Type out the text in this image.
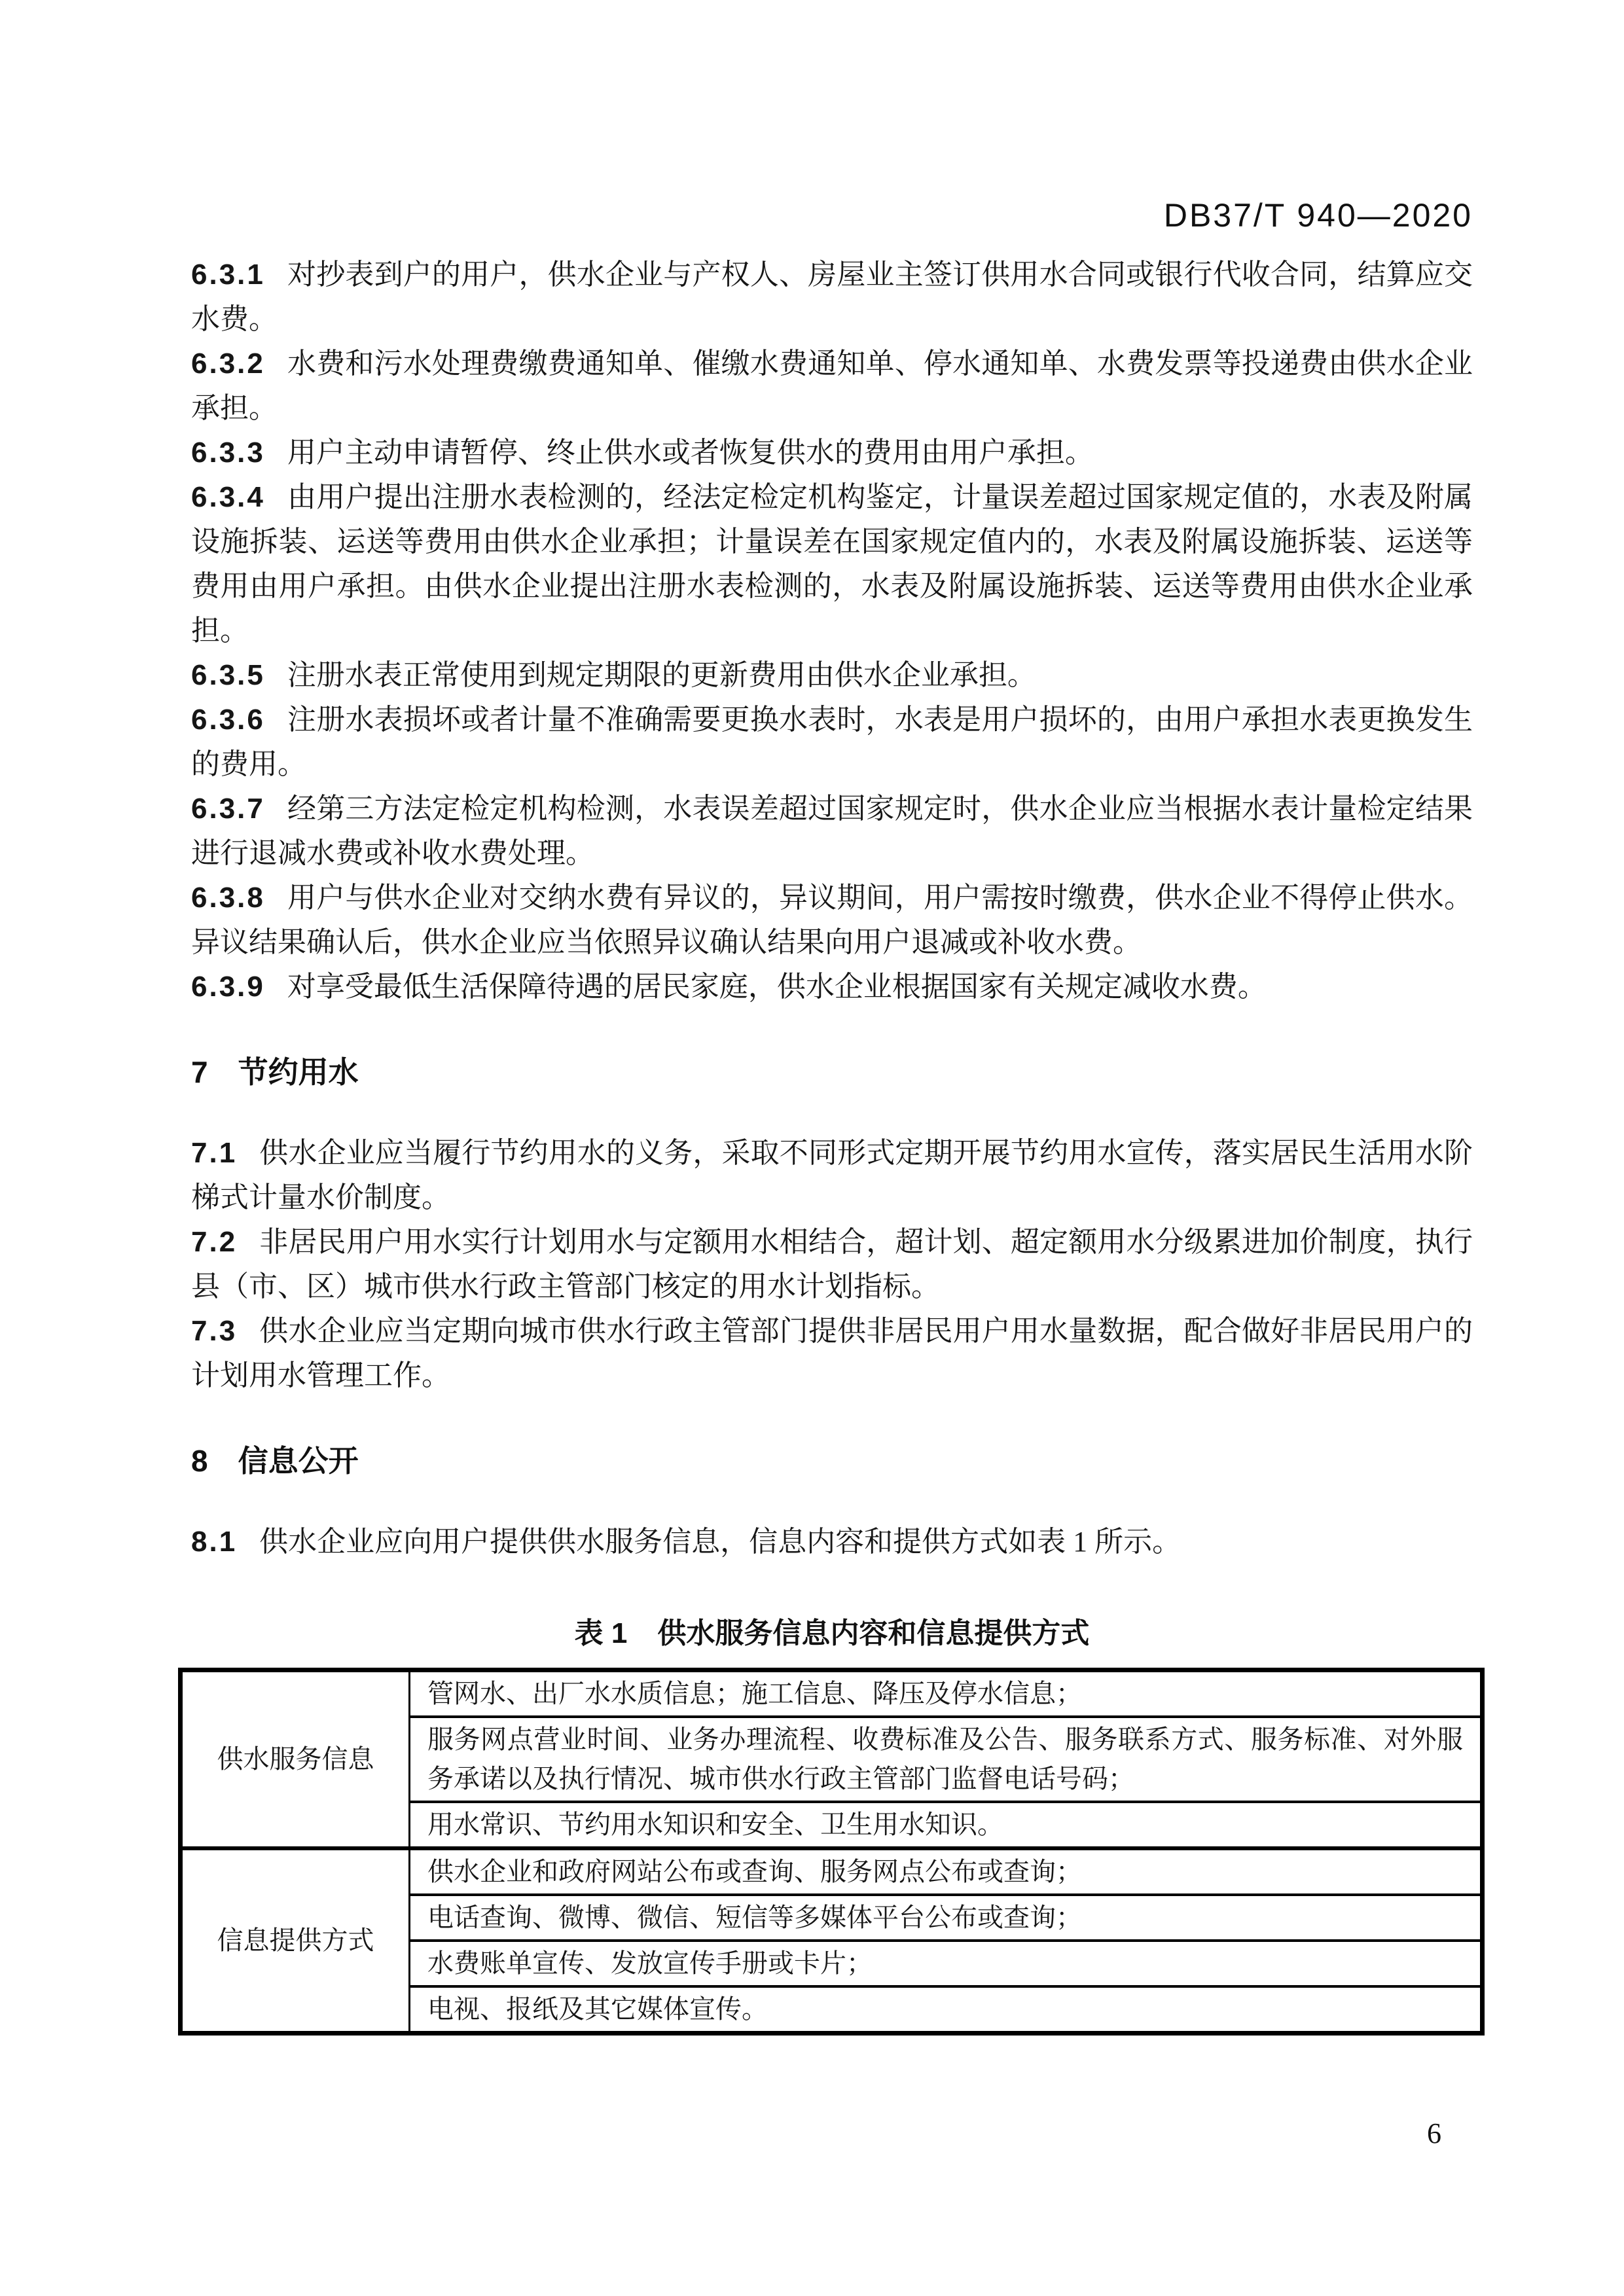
DB37/T 940—2020

6.3.1 对抄表到户的用户，供水企业与产权人、房屋业主签订供用水合同或银行代收合同，结算应交水费。

6.3.2 水费和污水处理费缴费通知单、催缴水费通知单、停水通知单、水费发票等投递费由供水企业承担。

6.3.3 用户主动申请暂停、终止供水或者恢复供水的费用由用户承担。

6.3.4 由用户提出注册水表检测的，经法定检定机构鉴定，计量误差超过国家规定值的，水表及附属设施拆装、运送等费用由供水企业承担；计量误差在国家规定值内的，水表及附属设施拆装、运送等费用由用户承担。由供水企业提出注册水表检测的，水表及附属设施拆装、运送等费用由供水企业承担。

6.3.5 注册水表正常使用到规定期限的更新费用由供水企业承担。

6.3.6 注册水表损坏或者计量不准确需要更换水表时，水表是用户损坏的，由用户承担水表更换发生的费用。

6.3.7 经第三方法定检定机构检测，水表误差超过国家规定时，供水企业应当根据水表计量检定结果进行退减水费或补收水费处理。

6.3.8 用户与供水企业对交纳水费有异议的，异议期间，用户需按时缴费，供水企业不得停止供水。异议结果确认后，供水企业应当依照异议确认结果向用户退减或补收水费。

6.3.9 对享受最低生活保障待遇的居民家庭，供水企业根据国家有关规定减收水费。

7 节约用水

7.1 供水企业应当履行节约用水的义务，采取不同形式定期开展节约用水宣传，落实居民生活用水阶梯式计量水价制度。

7.2 非居民用户用水实行计划用水与定额用水相结合，超计划、超定额用水分级累进加价制度，执行县（市、区）城市供水行政主管部门核定的用水计划指标。

7.3 供水企业应当定期向城市供水行政主管部门提供非居民用户用水量数据，配合做好非居民用户的计划用水管理工作。

8 信息公开

8.1 供水企业应向用户提供供水服务信息，信息内容和提供方式如表 1 所示。

表 1 供水服务信息内容和信息提供方式
供水服务信息	管网水、出厂水水质信息；施工信息、降压及停水信息；
	服务网点营业时间、业务办理流程、收费标准及公告、服务联系方式、服务标准、对外服务承诺以及执行情况、城市供水行政主管部门监督电话号码；
	用水常识、节约用水知识和安全、卫生用水知识。
信息提供方式	供水企业和政府网站公布或查询、服务网点公布或查询；
	电话查询、微博、微信、短信等多媒体平台公布或查询；
	水费账单宣传、发放宣传手册或卡片；
	电视、报纸及其它媒体宣传。
6
